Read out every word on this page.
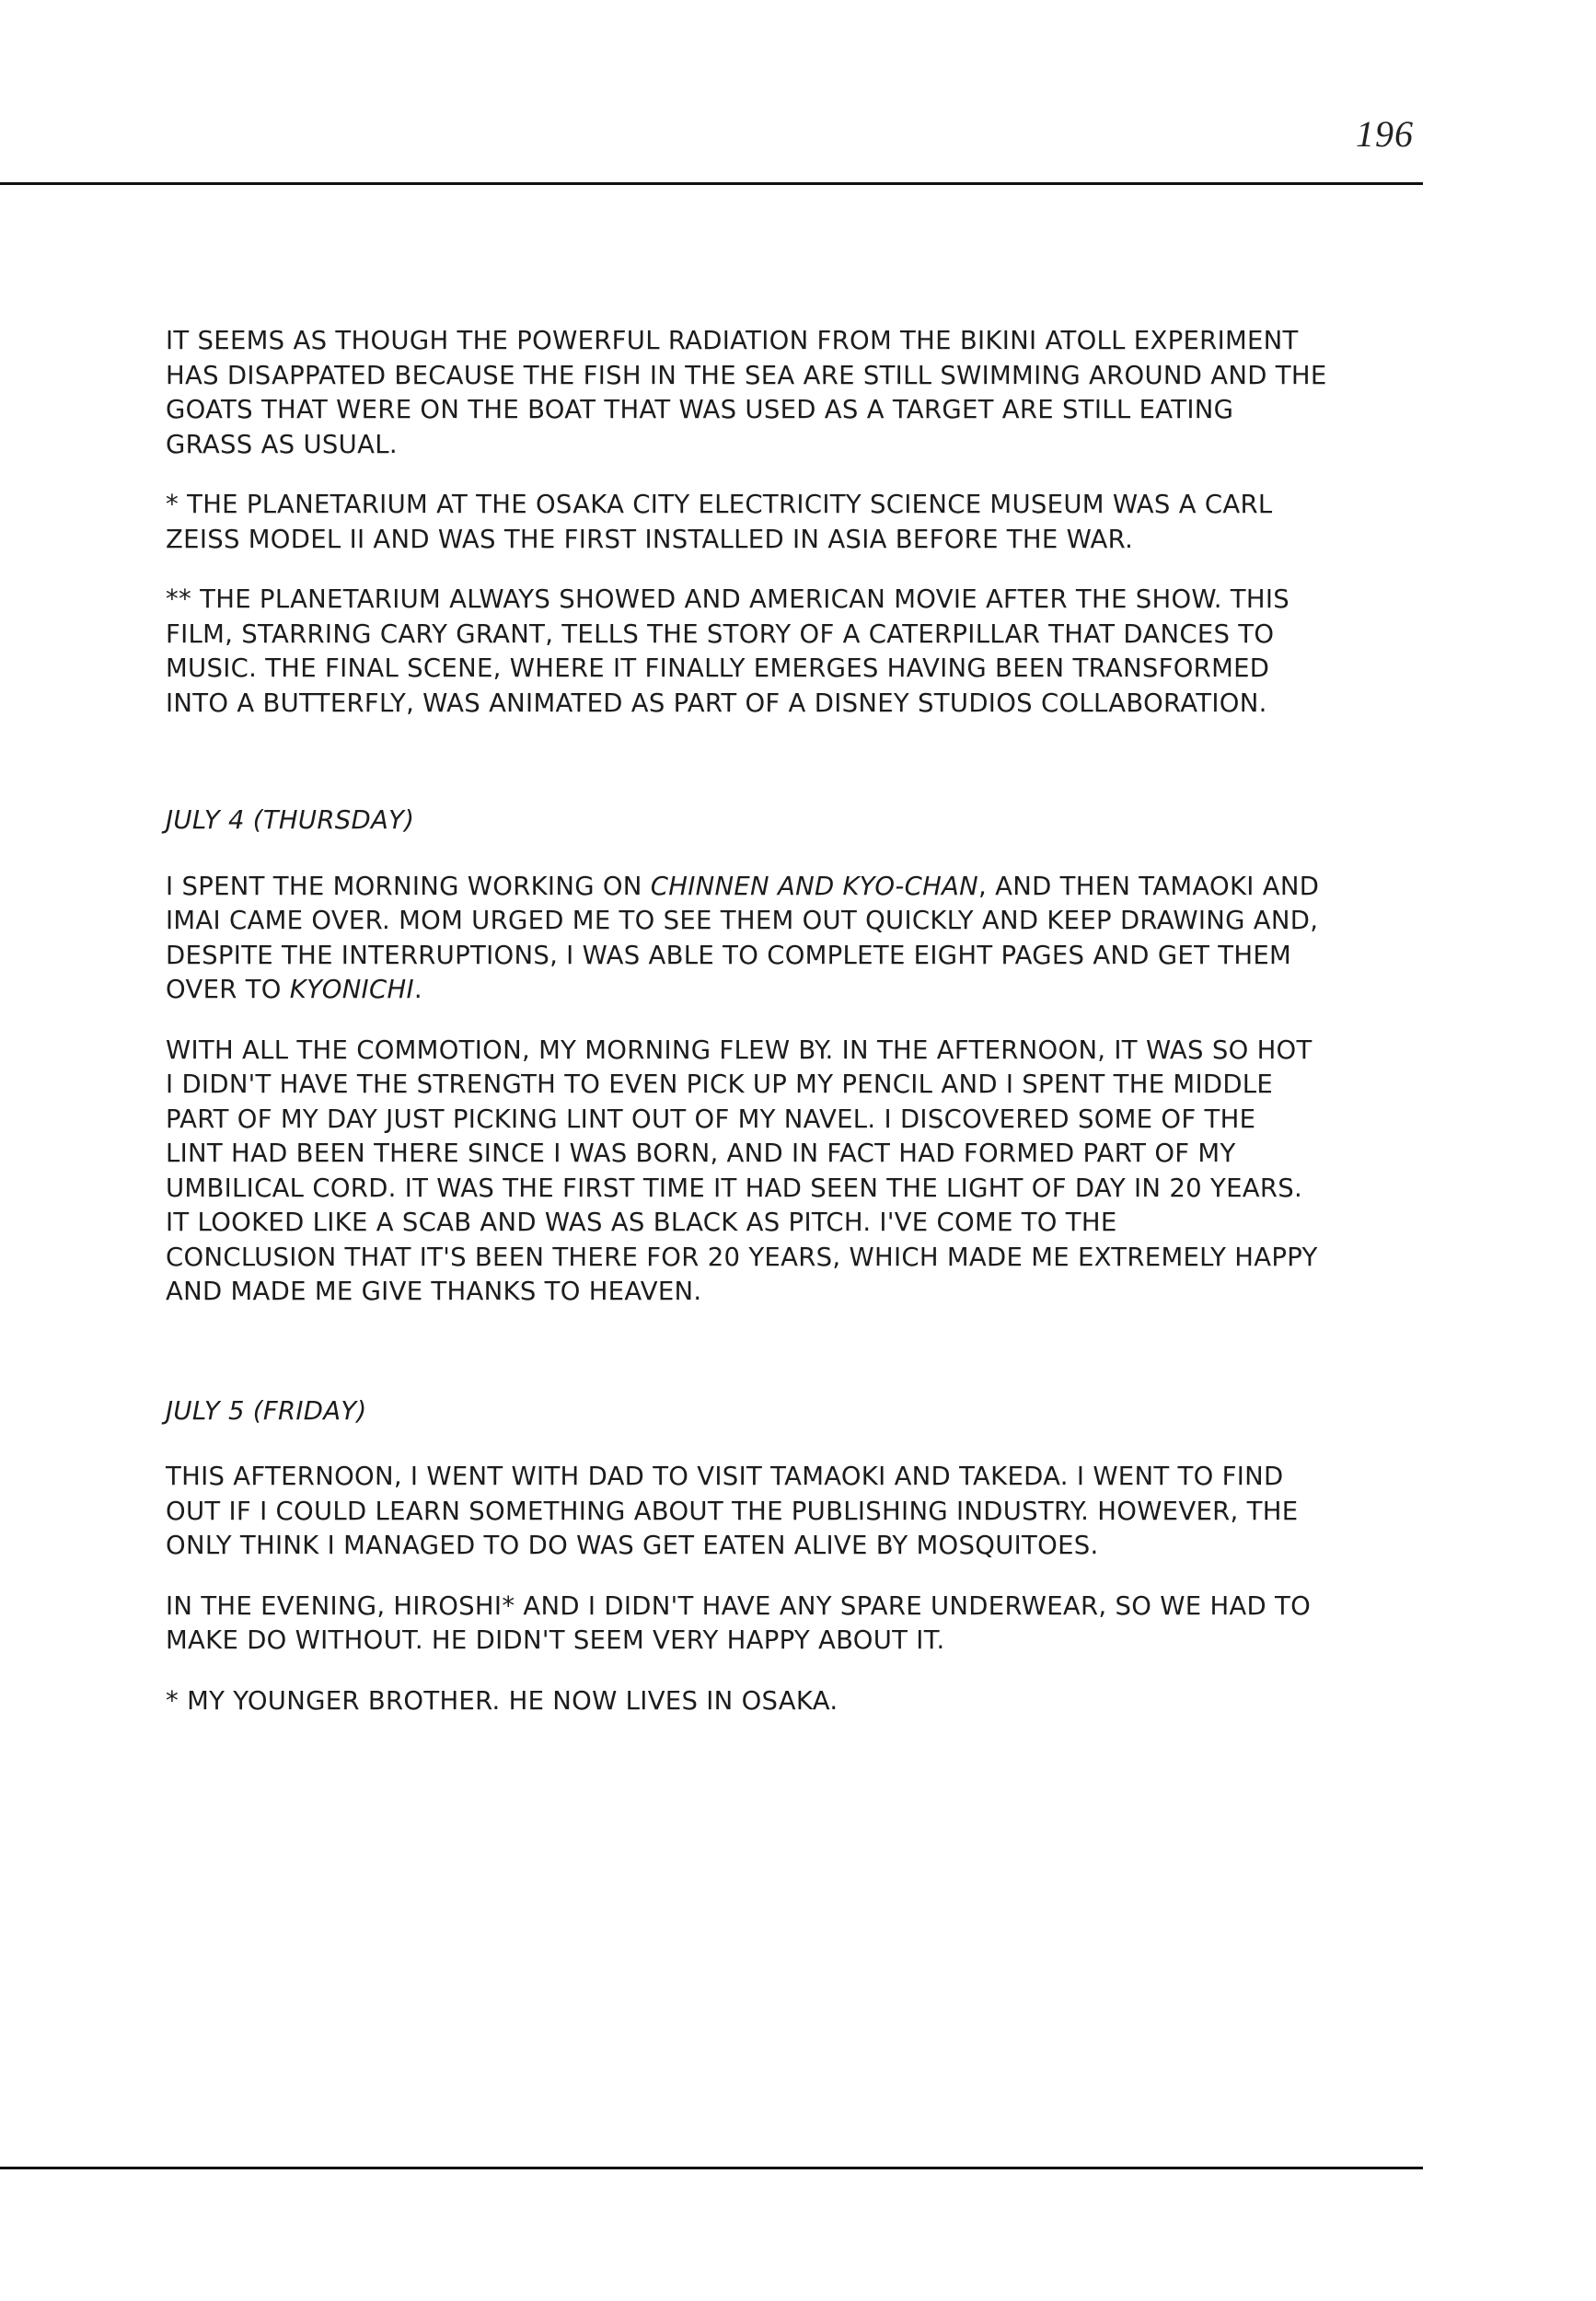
196

IT SEEMS AS THOUGH THE POWERFUL RADIATION FROM THE BIKINI ATOLL EXPERIMENT
HAS DISAPPATED BECAUSE THE FISH IN THE SEA ARE STILL SWIMMING AROUND AND THE
GOATS THAT WERE ON THE BOAT THAT WAS USED AS A TARGET ARE STILL EATING
GRASS AS USUAL.

* THE PLANETARIUM AT THE OSAKA CITY ELECTRICITY SCIENCE MUSEUM WAS A CARL
ZEISS MODEL II AND WAS THE FIRST INSTALLED IN ASIA BEFORE THE WAR.

** THE PLANETARIUM ALWAYS SHOWED AND AMERICAN MOVIE AFTER THE SHOW. THIS
FILM, STARRING CARY GRANT, TELLS THE STORY OF A CATERPILLAR THAT DANCES TO
MUSIC. THE FINAL SCENE, WHERE IT FINALLY EMERGES HAVING BEEN TRANSFORMED
INTO A BUTTERFLY, WAS ANIMATED AS PART OF A DISNEY STUDIOS COLLABORATION.

JULY 4 (THURSDAY)

I SPENT THE MORNING WORKING ON CHINNEN AND KYO-CHAN, AND THEN TAMAOKI AND
IMAI CAME OVER. MOM URGED ME TO SEE THEM OUT QUICKLY AND KEEP DRAWING AND,
DESPITE THE INTERRUPTIONS, I WAS ABLE TO COMPLETE EIGHT PAGES AND GET THEM
OVER TO KYONICHI.

WITH ALL THE COMMOTION, MY MORNING FLEW BY. IN THE AFTERNOON, IT WAS SO HOT
I DIDN'T HAVE THE STRENGTH TO EVEN PICK UP MY PENCIL AND I SPENT THE MIDDLE
PART OF MY DAY JUST PICKING LINT OUT OF MY NAVEL. I DISCOVERED SOME OF THE
LINT HAD BEEN THERE SINCE I WAS BORN, AND IN FACT HAD FORMED PART OF MY
UMBILICAL CORD. IT WAS THE FIRST TIME IT HAD SEEN THE LIGHT OF DAY IN 20 YEARS.
IT LOOKED LIKE A SCAB AND WAS AS BLACK AS PITCH. I'VE COME TO THE
CONCLUSION THAT IT'S BEEN THERE FOR 20 YEARS, WHICH MADE ME EXTREMELY HAPPY
AND MADE ME GIVE THANKS TO HEAVEN.

JULY 5 (FRIDAY)

THIS AFTERNOON, I WENT WITH DAD TO VISIT TAMAOKI AND TAKEDA. I WENT TO FIND
OUT IF I COULD LEARN SOMETHING ABOUT THE PUBLISHING INDUSTRY. HOWEVER, THE
ONLY THINK I MANAGED TO DO WAS GET EATEN ALIVE BY MOSQUITOES.

IN THE EVENING, HIROSHI* AND I DIDN'T HAVE ANY SPARE UNDERWEAR, SO WE HAD TO
MAKE DO WITHOUT. HE DIDN'T SEEM VERY HAPPY ABOUT IT.

* MY YOUNGER BROTHER. HE NOW LIVES IN OSAKA.
